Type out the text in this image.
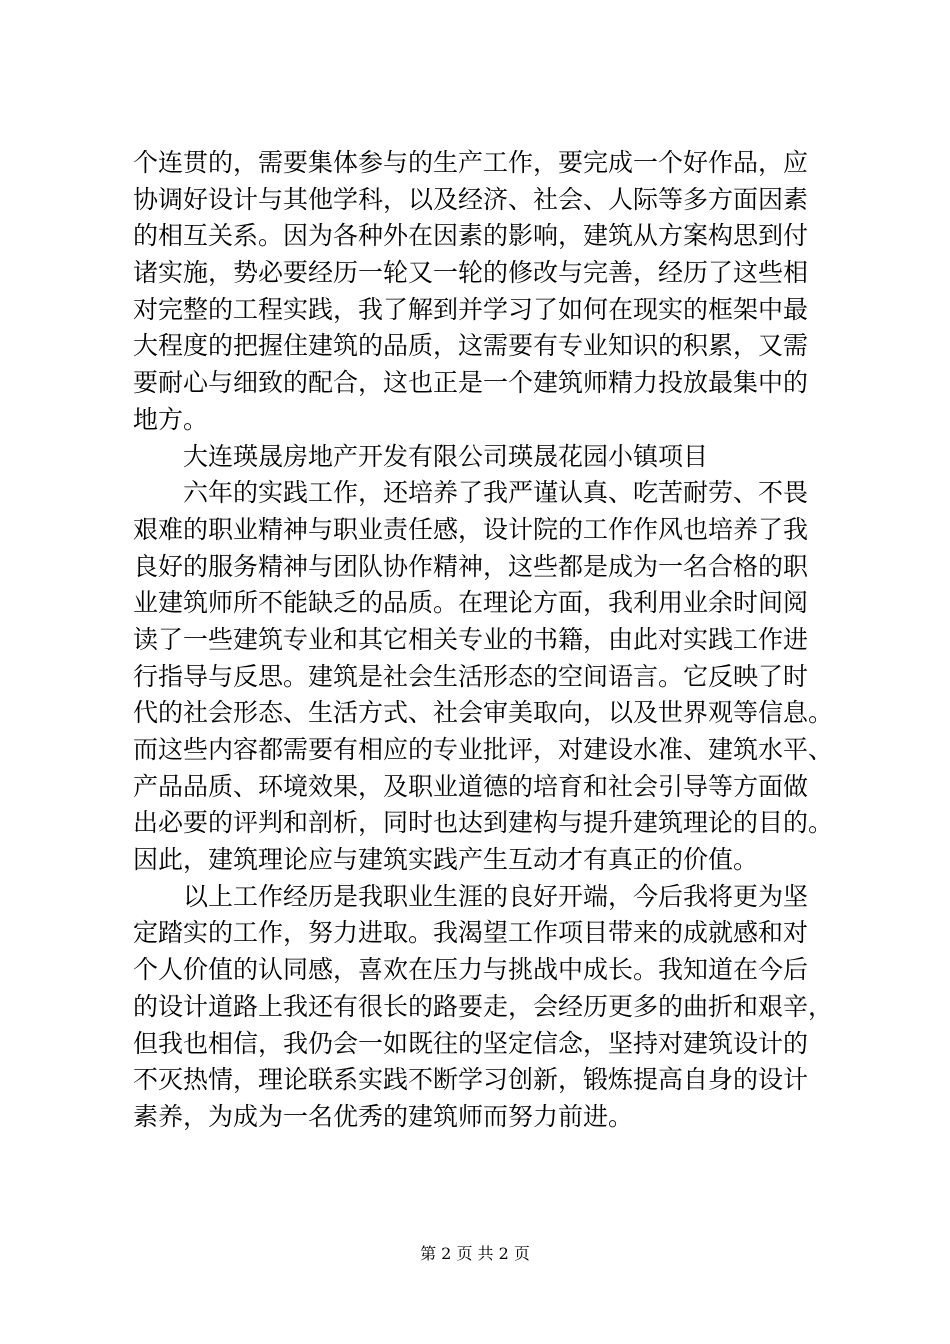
个连贯的，需要集体参与的生产工作，要完成一个好作品，应
协调好设计与其他学科，以及经济、社会、人际等多方面因素
的相互关系。因为各种外在因素的影响，建筑从方案构思到付
诸实施，势必要经历一轮又一轮的修改与完善，经历了这些相
对完整的工程实践，我了解到并学习了如何在现实的框架中最
大程度的把握住建筑的品质，这需要有专业知识的积累，又需
要耐心与细致的配合，这也正是一个建筑师精力投放最集中的
地方。
大连瑛晟房地产开发有限公司瑛晟花园小镇项目
六年的实践工作，还培养了我严谨认真、吃苦耐劳、不畏
艰难的职业精神与职业责任感，设计院的工作作风也培养了我
良好的服务精神与团队协作精神，这些都是成为一名合格的职
业建筑师所不能缺乏的品质。在理论方面，我利用业余时间阅
读了一些建筑专业和其它相关专业的书籍，由此对实践工作进
行指导与反思。建筑是社会生活形态的空间语言。它反映了时
代的社会形态、生活方式、社会审美取向，以及世界观等信息。
而这些内容都需要有相应的专业批评，对建设水准、建筑水平、
产品品质、环境效果，及职业道德的培育和社会引导等方面做
出必要的评判和剖析，同时也达到建构与提升建筑理论的目的。
因此，建筑理论应与建筑实践产生互动才有真正的价值。
以上工作经历是我职业生涯的良好开端，今后我将更为坚
定踏实的工作，努力进取。我渴望工作项目带来的成就感和对
个人价值的认同感，喜欢在压力与挑战中成长。我知道在今后
的设计道路上我还有很长的路要走，会经历更多的曲折和艰辛，
但我也相信，我仍会一如既往的坚定信念，坚持对建筑设计的
不灭热情，理论联系实践不断学习创新，锻炼提高自身的设计
素养，为成为一名优秀的建筑师而努力前进。
第 2 页 共 2 页
